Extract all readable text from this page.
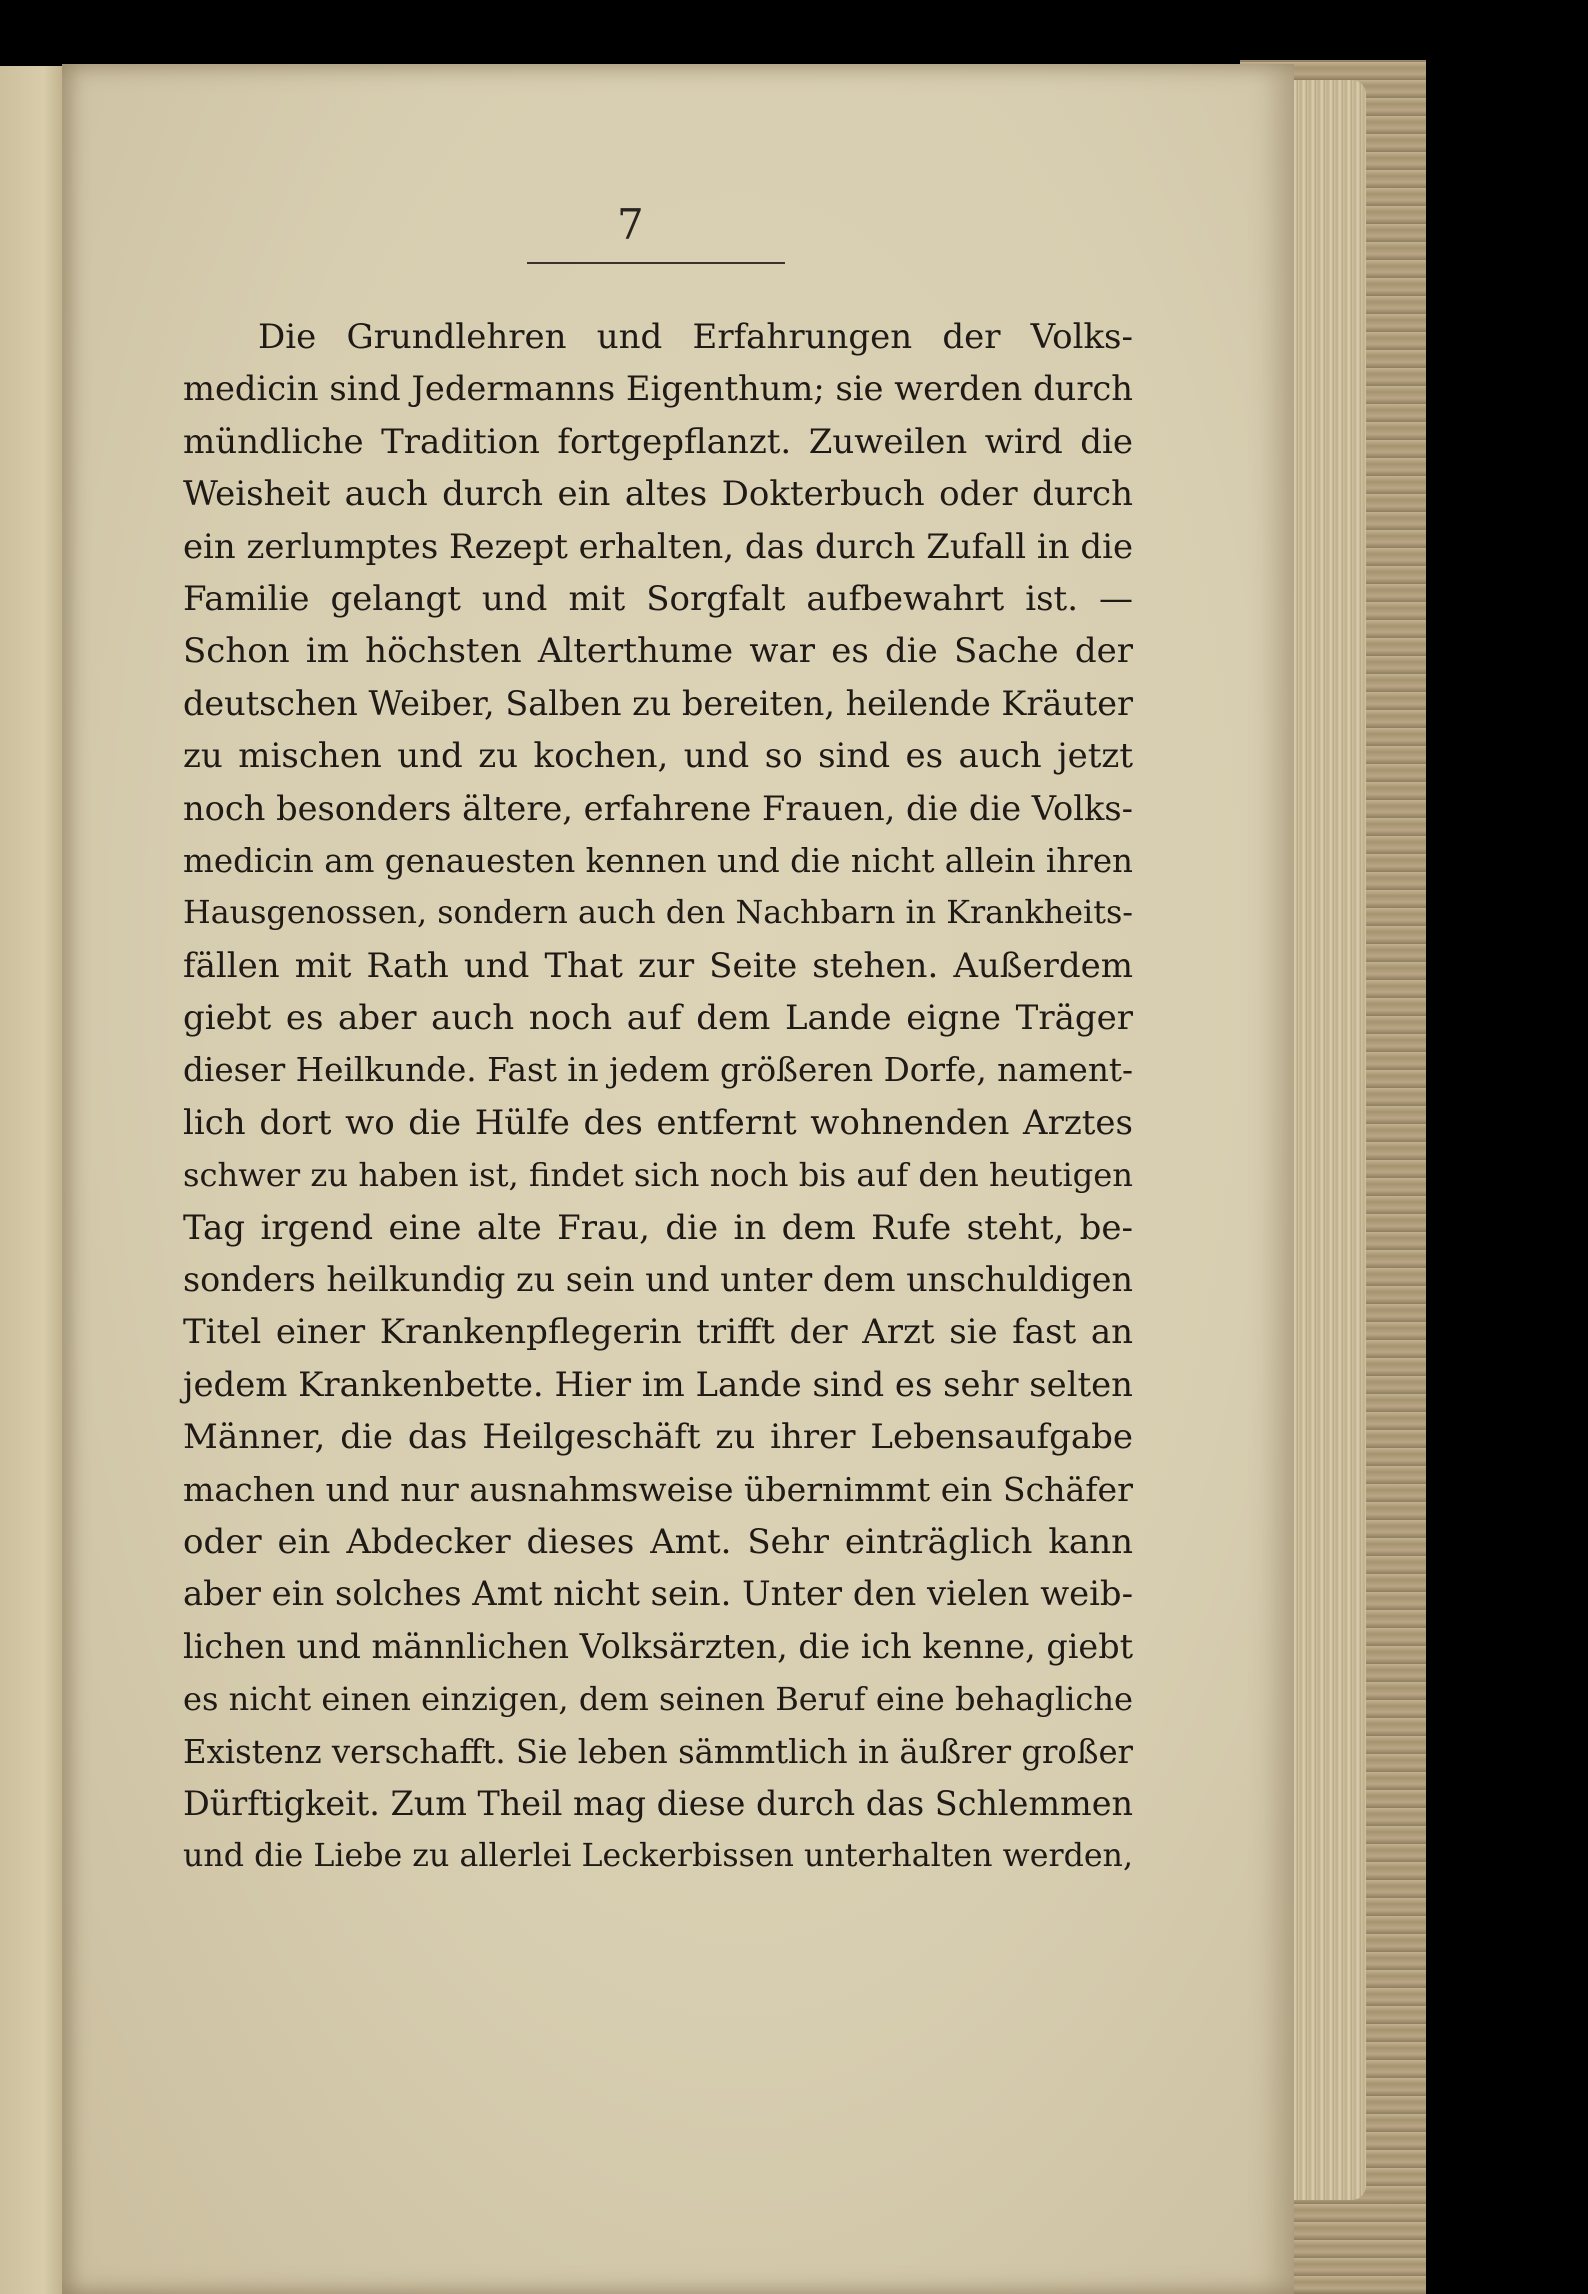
7
Die Grundlehren und Erfahrungen der Volks-
medicin sind Jedermanns Eigenthum; sie werden durch
mündliche Tradition fortgepflanzt. Zuweilen wird die
Weisheit auch durch ein altes Dokterbuch oder durch
ein zerlumptes Rezept erhalten, das durch Zufall in die
Familie gelangt und mit Sorgfalt aufbewahrt ist. —
Schon im höchsten Alterthume war es die Sache der
deutschen Weiber, Salben zu bereiten, heilende Kräuter
zu mischen und zu kochen, und so sind es auch jetzt
noch besonders ältere, erfahrene Frauen, die die Volks-
medicin am genauesten kennen und die nicht allein ihren
Hausgenossen, sondern auch den Nachbarn in Krankheits-
fällen mit Rath und That zur Seite stehen. Außerdem
giebt es aber auch noch auf dem Lande eigne Träger
dieser Heilkunde. Fast in jedem größeren Dorfe, nament-
lich dort wo die Hülfe des entfernt wohnenden Arztes
schwer zu haben ist, findet sich noch bis auf den heutigen
Tag irgend eine alte Frau, die in dem Rufe steht, be-
sonders heilkundig zu sein und unter dem unschuldigen
Titel einer Krankenpflegerin trifft der Arzt sie fast an
jedem Krankenbette. Hier im Lande sind es sehr selten
Männer, die das Heilgeschäft zu ihrer Lebensaufgabe
machen und nur ausnahmsweise übernimmt ein Schäfer
oder ein Abdecker dieses Amt. Sehr einträglich kann
aber ein solches Amt nicht sein. Unter den vielen weib-
lichen und männlichen Volksärzten, die ich kenne, giebt
es nicht einen einzigen, dem seinen Beruf eine behagliche
Existenz verschafft. Sie leben sämmtlich in äußrer großer
Dürftigkeit. Zum Theil mag diese durch das Schlemmen
und die Liebe zu allerlei Leckerbissen unterhalten werden,
